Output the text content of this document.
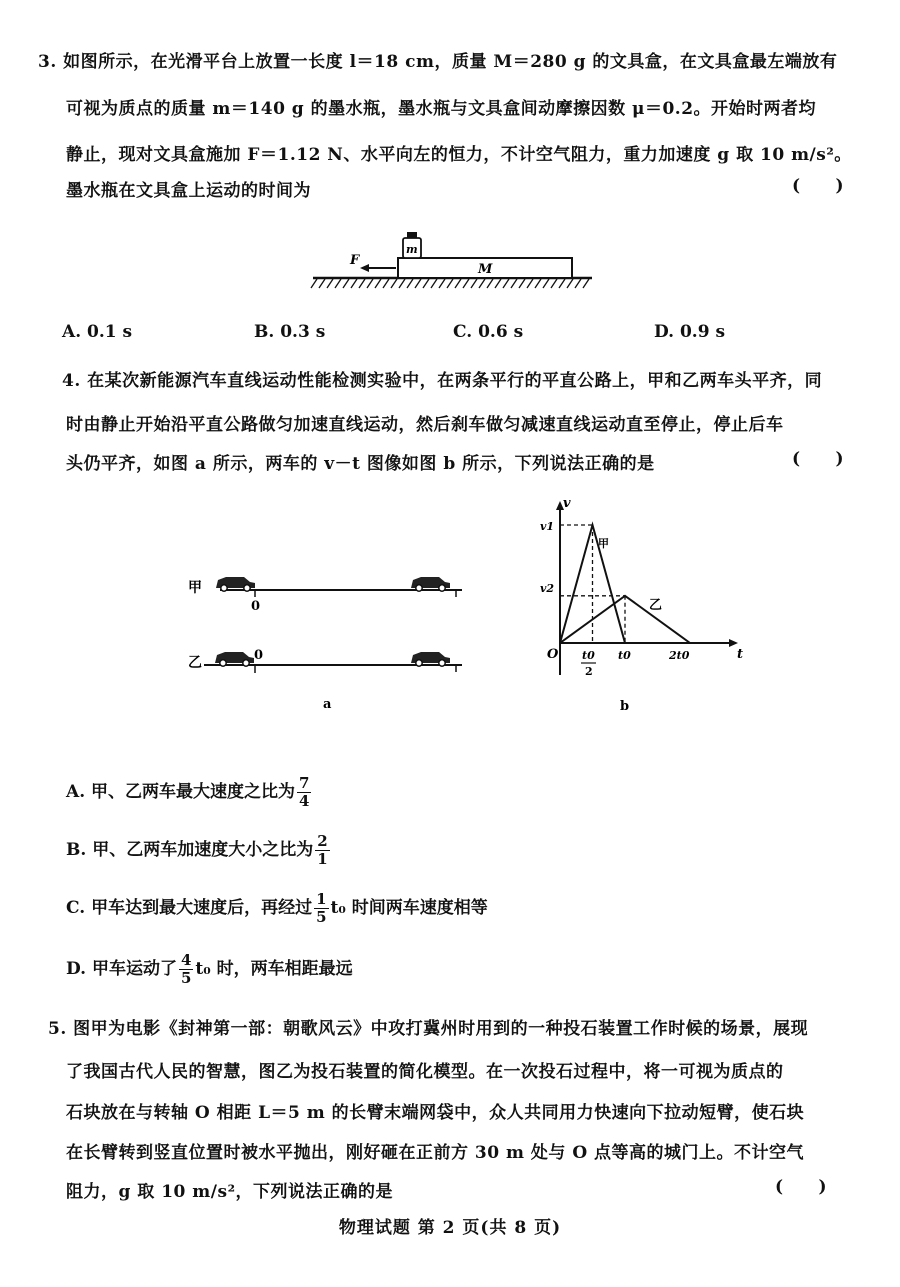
3. 如图所示，在光滑平台上放置一长度 l＝18 cm，质量 M＝280 g 的文具盒，在文具盒最左端放有
可视为质点的质量 m＝140 g 的墨水瓶，墨水瓶与文具盒间动摩擦因数 μ＝0.2。开始时两者均
静止，现对文具盒施加 F＝1.12 N、水平向左的恒力，不计空气阻力，重力加速度 g 取 10 m/s²。
墨水瓶在文具盒上运动的时间为	(      )
M
m
F
A. 0.1 s	B. 0.3 s	C. 0.6 s	D. 0.9 s
4. 在某次新能源汽车直线运动性能检测实验中，在两条平行的平直公路上，甲和乙两车头平齐，同
时由静止开始沿平直公路做匀加速直线运动，然后刹车做匀减速直线运动直至停止，停止后车
头仍平齐，如图 a 所示，两车的 v－t 图像如图 b 所示，下列说法正确的是	(      )
甲
0
乙	0
a
v
t
O
v1
v2
t0
2
t0	2t0
甲
乙
b
A. 甲、乙两车最大速度之比为 $\frac{7}{4}$
B. 甲、乙两车加速度大小之比为 $\frac{2}{1}$
C. 甲车达到最大速度后，再经过 $\frac{1}{5} t_0$ 时间两车速度相等
D. 甲车运动了 $\frac{4}{5} t_0$ 时，两车相距最远
5. 图甲为电影《封神第一部：朝歌风云》中攻打冀州时用到的一种投石装置工作时候的场景，展现
了我国古代人民的智慧，图乙为投石装置的简化模型。在一次投石过程中，将一可视为质点的
石块放在与转轴 O 相距 L＝5 m 的长臂末端网袋中，众人共同用力快速向下拉动短臂，使石块
在长臂转到竖直位置时被水平抛出，刚好砸在正前方 30 m 处与 O 点等高的城门上。不计空气
阻力，g 取 10 m/s²，下列说法正确的是	(      )
物理试题 第 2 页(共 8 页)
